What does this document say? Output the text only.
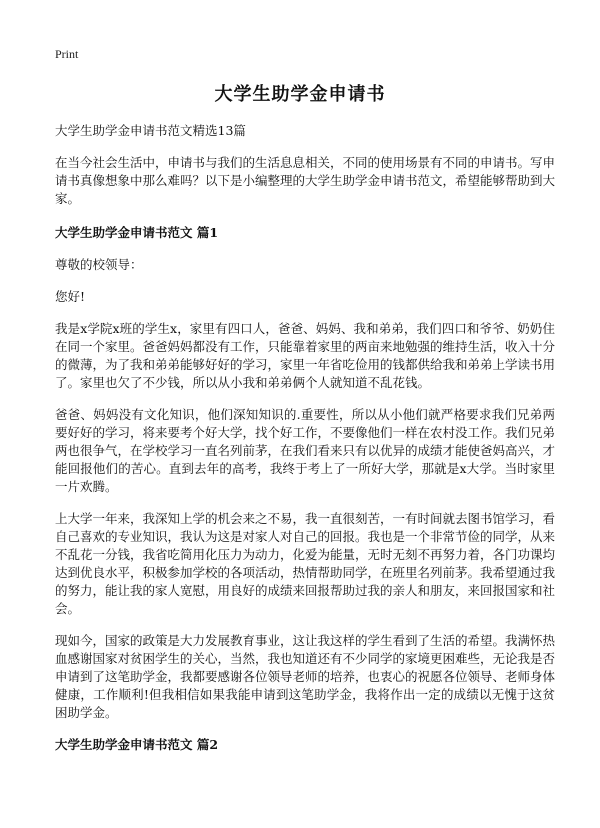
Print
大学生助学金申请书

大学生助学金申请书范文精选13篇

在当今社会生活中，申请书与我们的生活息息相关，不同的使用场景有不同的申请书。写申请书真像想象中那么难吗？以下是小编整理的大学生助学金申请书范文，希望能够帮助到大家。

大学生助学金申请书范文 篇1

尊敬的校领导：

您好!

我是x学院x班的学生x，家里有四口人，爸爸、妈妈、我和弟弟，我们四口和爷爷、奶奶住在同一个家里。爸爸妈妈都没有工作，只能靠着家里的两亩来地勉强的维持生活，收入十分的微薄，为了我和弟弟能够好好的学习，家里一年省吃俭用的钱都供给我和弟弟上学读书用了。家里也欠了不少钱，所以从小我和弟弟俩个人就知道不乱花钱。

爸爸、妈妈没有文化知识，他们深知知识的.重要性，所以从小他们就严格要求我们兄弟两要好好的学习，将来要考个好大学，找个好工作，不要像他们一样在农村没工作。我们兄弟两也很争气，在学校学习一直名列前茅，在我们看来只有以优异的成绩才能使爸妈高兴，才能回报他们的苦心。直到去年的高考，我终于考上了一所好大学，那就是x大学。当时家里一片欢腾。

上大学一年来，我深知上学的机会来之不易，我一直很刻苦，一有时间就去图书馆学习，看自己喜欢的专业知识，我认为这是对家人对自己的回报。我也是一个非常节俭的同学，从来不乱花一分钱，我省吃简用化压力为动力，化爱为能量，无时无刻不再努力着，各门功课均达到优良水平，积极参加学校的各项活动，热情帮助同学，在班里名列前茅。我希望通过我的努力，能让我的家人宽慰，用良好的成绩来回报帮助过我的亲人和朋友，来回报国家和社会。

现如今，国家的政策是大力发展教育事业，这让我这样的学生看到了生活的希望。我满怀热血感谢国家对贫困学生的关心，当然，我也知道还有不少同学的家境更困难些，无论我是否申请到了这笔助学金，我都要感谢各位领导老师的培养，也衷心的祝愿各位领导、老师身体健康，工作顺利!但我相信如果我能申请到这笔助学金，我将作出一定的成绩以无愧于这贫困助学金。

大学生助学金申请书范文 篇2
